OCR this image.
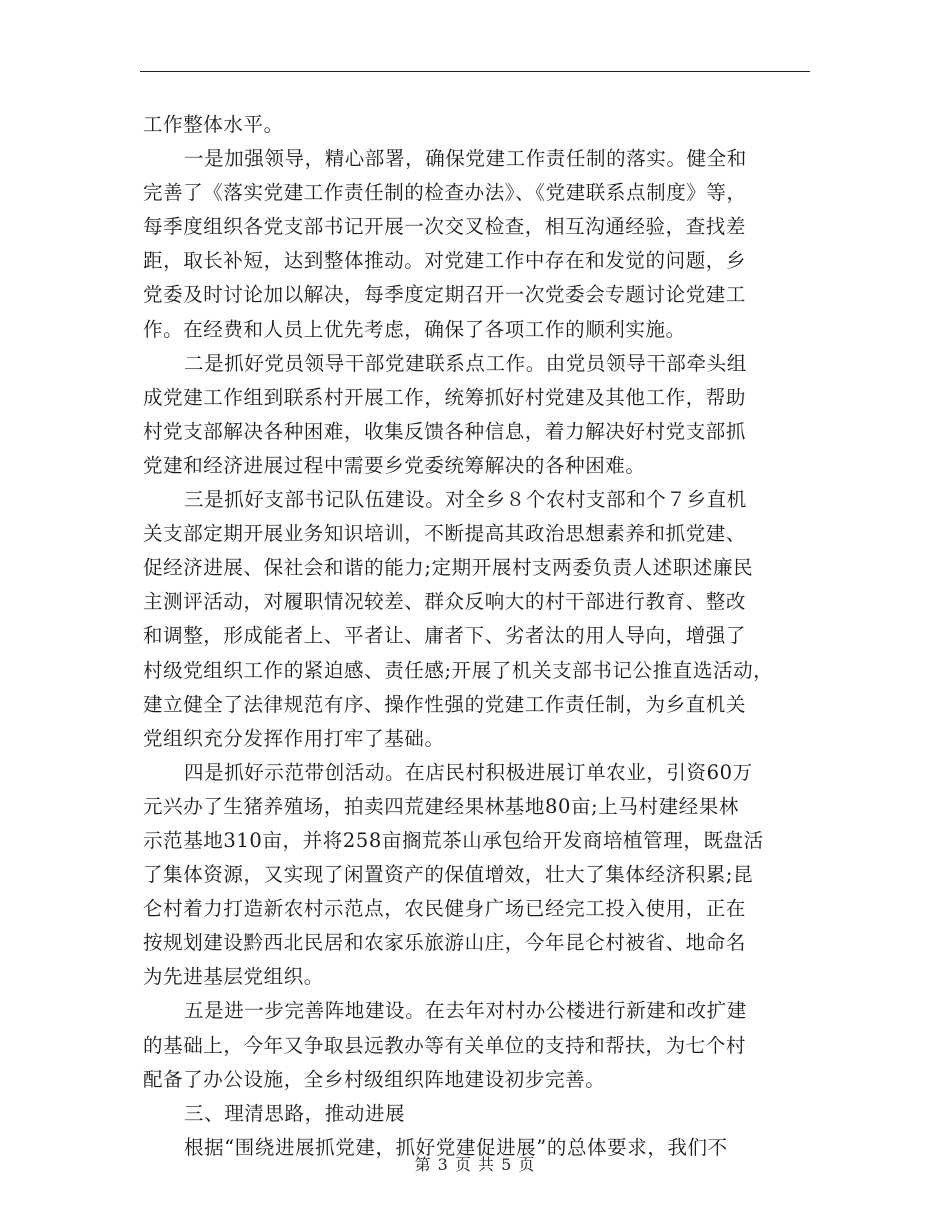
工作整体水平。
一是加强领导，精心部署，确保党建工作责任制的落实。健全和
完善了《落实党建工作责任制的检查办法》、《党建联系点制度》等，
每季度组织各党支部书记开展一次交叉检查，相互沟通经验，查找差
距，取长补短，达到整体推动。对党建工作中存在和发觉的问题，乡
党委及时讨论加以解决，每季度定期召开一次党委会专题讨论党建工
作。在经费和人员上优先考虑，确保了各项工作的顺利实施。
二是抓好党员领导干部党建联系点工作。由党员领导干部牵头组
成党建工作组到联系村开展工作，统筹抓好村党建及其他工作，帮助
村党支部解决各种困难，收集反馈各种信息，着力解决好村党支部抓
党建和经济进展过程中需要乡党委统筹解决的各种困难。
三是抓好支部书记队伍建设。对全乡８个农村支部和个７乡直机
关支部定期开展业务知识培训，不断提高其政治思想素养和抓党建、
促经济进展、保社会和谐的能力;定期开展村支两委负责人述职述廉民
主测评活动，对履职情况较差、群众反响大的村干部进行教育、整改
和调整，形成能者上、平者让、庸者下、劣者汰的用人导向，增强了
村级党组织工作的紧迫感、责任感;开展了机关支部书记公推直选活动，
建立健全了法律规范有序、操作性强的党建工作责任制，为乡直机关
党组织充分发挥作用打牢了基础。
四是抓好示范带创活动。在店民村积极进展订单农业，引资60万
元兴办了生猪养殖场，拍卖四荒建经果林基地80亩;上马村建经果林
示范基地310亩，并将258亩搁荒茶山承包给开发商培植管理，既盘活
了集体资源，又实现了闲置资产的保值增效，壮大了集体经济积累;昆
仑村着力打造新农村示范点，农民健身广场已经完工投入使用，正在
按规划建设黔西北民居和农家乐旅游山庄，今年昆仑村被省、地命名
为先进基层党组织。
五是进一步完善阵地建设。在去年对村办公楼进行新建和改扩建
的基础上，今年又争取县远教办等有关单位的支持和帮扶，为七个村
配备了办公设施，全乡村级组织阵地建设初步完善。
三、理清思路，推动进展
根据“围绕进展抓党建，抓好党建促进展”的总体要求，我们不
第 3 页 共 5 页
